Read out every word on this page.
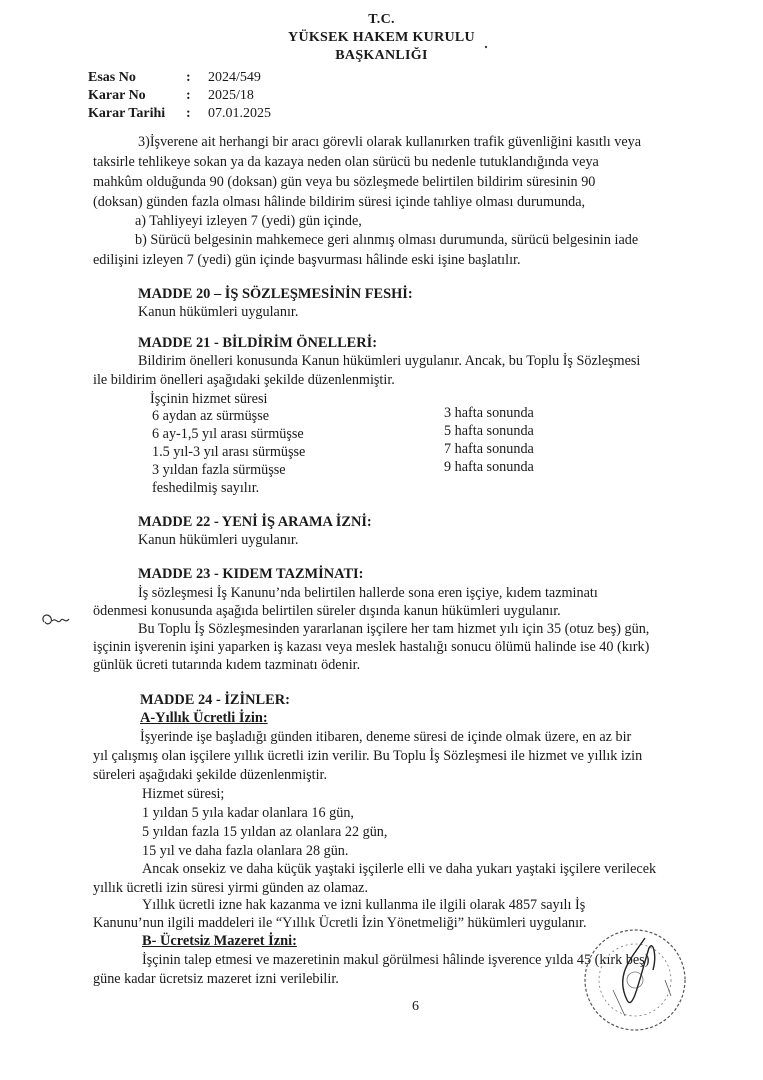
T.C.
YÜKSEK HAKEM KURULU
BAŞKANLIĞI
Esas No	: 2024/549
Karar No	: 2025/18
Karar Tarihi : 07.01.2025
3)İşverene ait herhangi bir aracı görevli olarak kullanırken trafik güvenliğini kasıtlı veya
taksirle tehlikeye sokan ya da kazaya neden olan sürücü bu nedenle tutuklandığında veya
mahkûm olduğunda 90 (doksan) gün veya bu sözleşmede belirtilen bildirim süresinin 90
(doksan) günden fazla olması hâlinde bildirim süresi içinde tahliye olması durumunda,
a) Tahliyeyi izleyen 7 (yedi) gün içinde,
b) Sürücü belgesinin mahkemece geri alınmış olması durumunda, sürücü belgesinin iade
edilişini izleyen 7 (yedi) gün içinde başvurması hâlinde eski işine başlatılır.
MADDE 20 – İŞ SÖZLEŞMESİNİN FESHİ:
Kanun hükümleri uygulanır.
MADDE 21 - BİLDİRİM ÖNELLERİ:
Bildirim önelleri konusunda Kanun hükümleri uygulanır. Ancak, bu Toplu İş Sözleşmesi
ile bildirim önelleri aşağıdaki şekilde düzenlenmiştir.
İşçinin hizmet süresi
6 aydan az sürmüşse	3 hafta sonunda
6 ay-1,5 yıl arası sürmüşse	5 hafta sonunda
1.5 yıl-3 yıl arası sürmüşse	7 hafta sonunda
3 yıldan fazla sürmüşse	9 hafta sonunda
feshedilmiş sayılır.
MADDE 22 - YENİ İŞ ARAMA İZNİ:
Kanun hükümleri uygulanır.
MADDE 23 - KIDEM TAZMİNATI:
İş sözleşmesi İş Kanunu’nda belirtilen hallerde sona eren işçiye, kıdem tazminatı
ödenmesi konusunda aşağıda belirtilen süreler dışında kanun hükümleri uygulanır.
Bu Toplu İş Sözleşmesinden yararlanan işçilere her tam hizmet yılı için 35 (otuz beş) gün,
işçinin işverenin işini yaparken iş kazası veya meslek hastalığı sonucu ölümü halinde ise 40 (kırk)
günlük ücreti tutarında kıdem tazminatı ödenir.
MADDE 24 - İZİNLER:
A-Yıllık Ücretli İzin:
İşyerinde işe başladığı günden itibaren, deneme süresi de içinde olmak üzere, en az bir
yıl çalışmış olan işçilere yıllık ücretli izin verilir. Bu Toplu İş Sözleşmesi ile hizmet ve yıllık izin
süreleri aşağıdaki şekilde düzenlenmiştir.
Hizmet süresi;
1 yıldan 5 yıla kadar olanlara 16 gün,
5 yıldan fazla 15 yıldan az olanlara 22 gün,
15 yıl ve daha fazla olanlara 28 gün.
Ancak onsekiz ve daha küçük yaştaki işçilerle elli ve daha yukarı yaştaki işçilere verilecek
yıllık ücretli izin süresi yirmi günden az olamaz.
Yıllık ücretli izne hak kazanma ve izni kullanma ile ilgili olarak 4857 sayılı İş
Kanunu’nun ilgili maddeleri ile “Yıllık Ücretli İzin Yönetmeliği” hükümleri uygulanır.
B- Ücretsiz Mazeret İzni:
İşçinin talep etmesi ve mazeretinin makul görülmesi hâlinde işverence yılda 45 (kırk beş)
güne kadar ücretsiz mazeret izni verilebilir.
6
